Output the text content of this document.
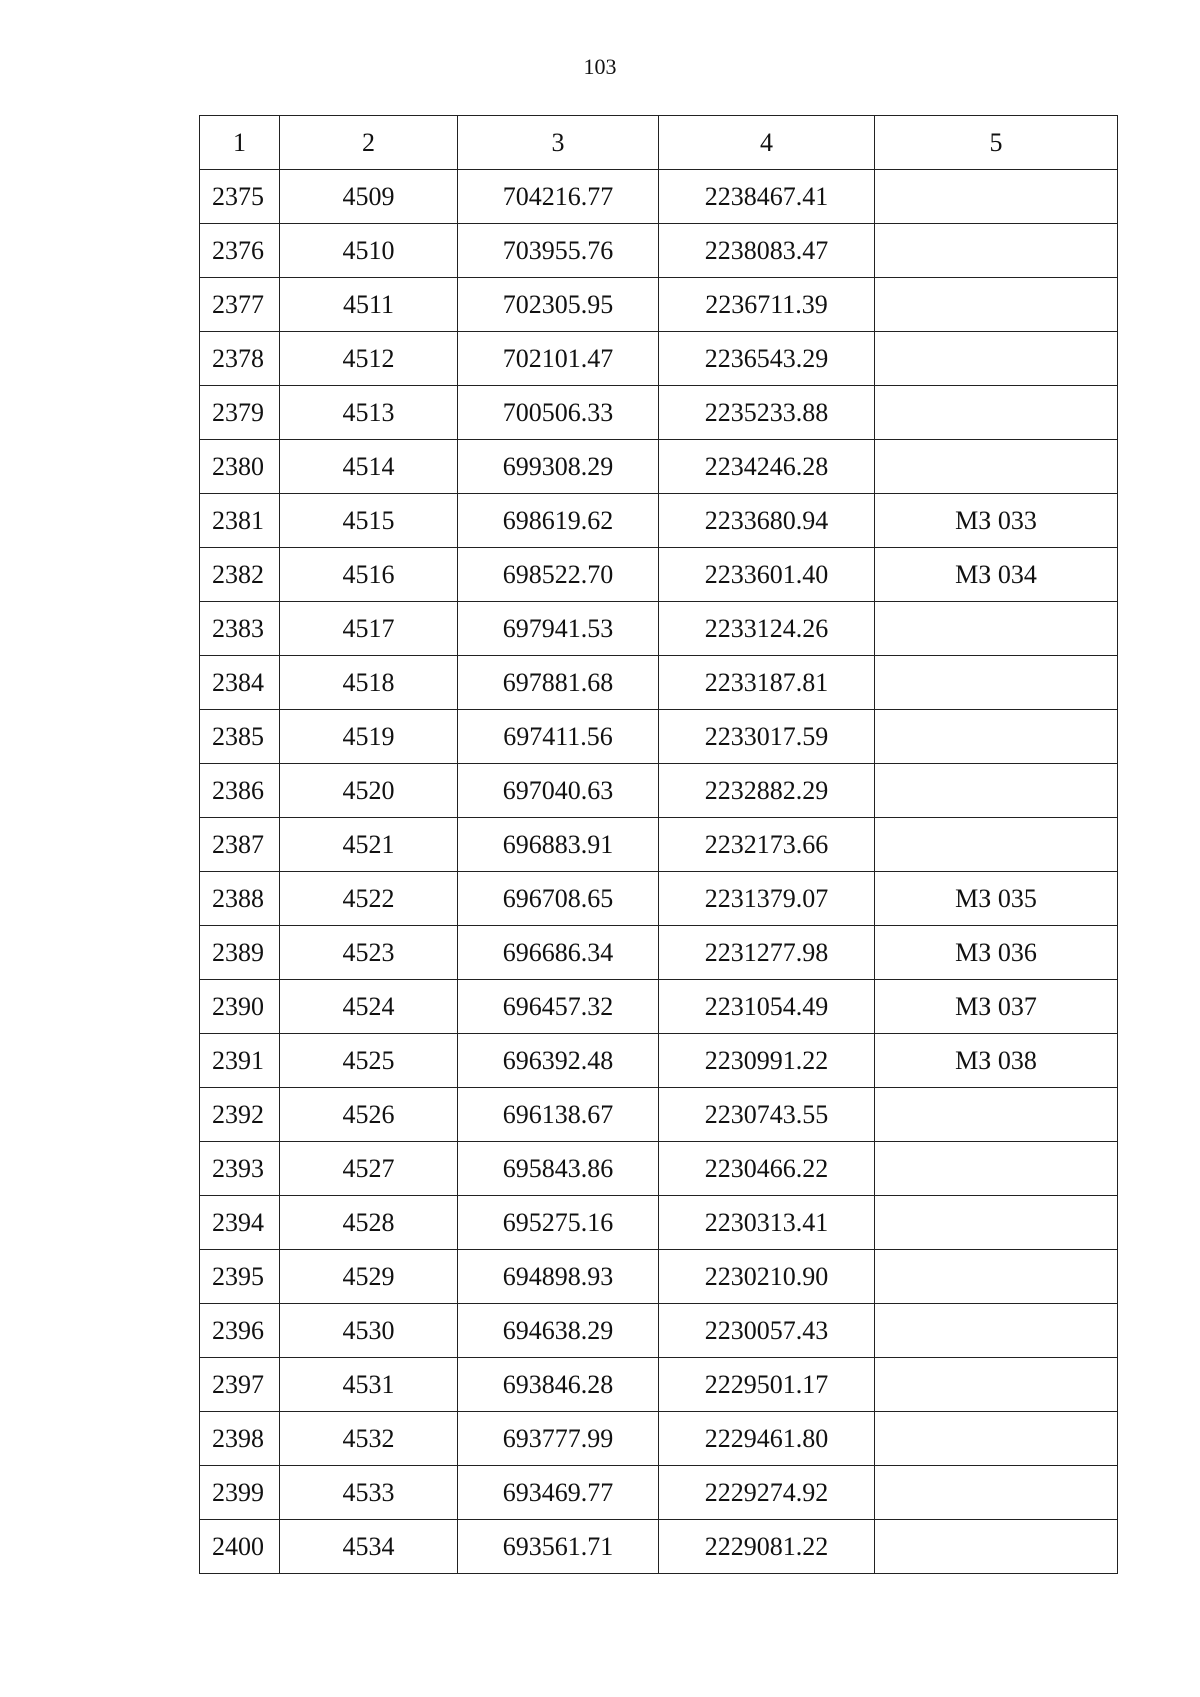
103
1	2	3	4	5
2375	4509	704216.77	2238467.41	
2376	4510	703955.76	2238083.47	
2377	4511	702305.95	2236711.39	
2378	4512	702101.47	2236543.29	
2379	4513	700506.33	2235233.88	
2380	4514	699308.29	2234246.28	
2381	4515	698619.62	2233680.94	МЗ 033
2382	4516	698522.70	2233601.40	МЗ 034
2383	4517	697941.53	2233124.26	
2384	4518	697881.68	2233187.81	
2385	4519	697411.56	2233017.59	
2386	4520	697040.63	2232882.29	
2387	4521	696883.91	2232173.66	
2388	4522	696708.65	2231379.07	МЗ 035
2389	4523	696686.34	2231277.98	МЗ 036
2390	4524	696457.32	2231054.49	МЗ 037
2391	4525	696392.48	2230991.22	МЗ 038
2392	4526	696138.67	2230743.55	
2393	4527	695843.86	2230466.22	
2394	4528	695275.16	2230313.41	
2395	4529	694898.93	2230210.90	
2396	4530	694638.29	2230057.43	
2397	4531	693846.28	2229501.17	
2398	4532	693777.99	2229461.80	
2399	4533	693469.77	2229274.92	
2400	4534	693561.71	2229081.22	
